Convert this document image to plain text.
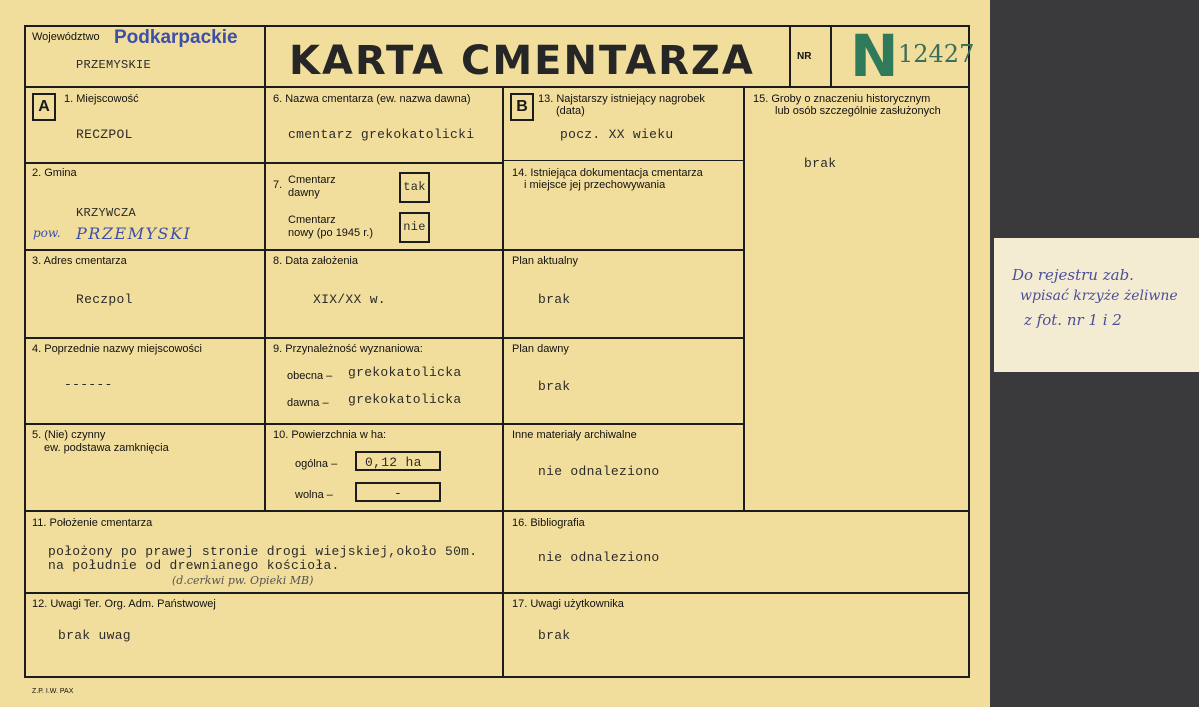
Województwo Podkarpackie
PRZEMYSKIE	KARTA CMENTARZA	NR N 12427
A	1. Miejscowość
RECZPOL
2. Gmina
KRZYWCZA
pow. PRZEMYSKI
3. Adres cmentarza
Reczpol
4. Poprzednie nazwy miejscowości
------
5. (Nie) czynny
ew. podstawa zamknięcia
6. Nazwa cmentarza (ew. nazwa dawna)
cmentarz grekokatolicki
7. Cmentarz
dawny	tak
Cmentarz
nowy (po 1945 r.)	nie
8. Data założenia
XIX/XX w.
9. Przynależność wyznaniowa:
obecna – grekokatolicka
dawna – grekokatolicka
10. Powierzchnia w ha:
ogólna –	0,12 ha
wolna –	-
B 13. Najstarszy istniejący nagrobek
(data)
pocz. XX wieku
14. Istniejąca dokumentacja cmentarza
i miejsce jej przechowywania
Plan aktualny
brak
Plan dawny
brak
Inne materiały archiwalne
nie odnaleziono
15. Groby o znaczeniu historycznym
lub osób szczególnie zasłużonych
brak
11. Położenie cmentarza
położony po prawej stronie drogi wiejskiej,około 50m.
na południe od drewnianego kościoła.
(d.cerkwi pw. Opieki MB)
16. Bibliografia
nie odnaleziono
12. Uwagi Ter. Org. Adm. Państwowej
brak uwag
17. Uwagi użytkownika
brak
Z.P. I.W. PAX
Do rejestru zab.
wpisać krzyże żeliwne
z fot. nr 1 i 2
